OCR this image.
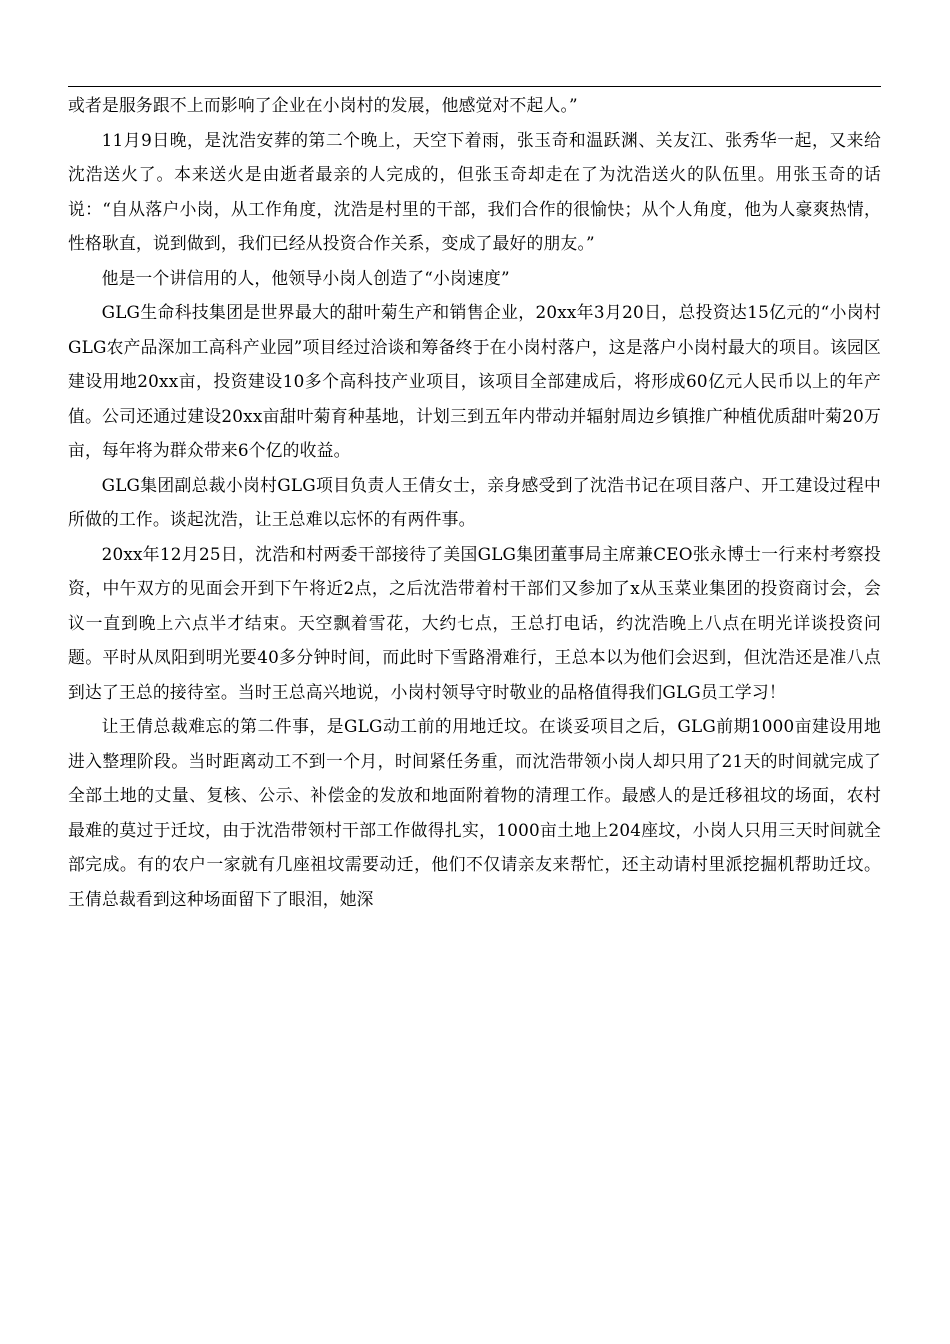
或者是服务跟不上而影响了企业在小岗村的发展，他感觉对不起人。”

11月9日晚，是沈浩安葬的第二个晚上，天空下着雨，张玉奇和温跃渊、关友江、张秀华一起，又来给沈浩送火了。本来送火是由逝者最亲的人完成的，但张玉奇却走在了为沈浩送火的队伍里。用张玉奇的话说：“自从落户小岗，从工作角度，沈浩是村里的干部，我们合作的很愉快；从个人角度，他为人豪爽热情，性格耿直，说到做到，我们已经从投资合作关系，变成了最好的朋友。”

他是一个讲信用的人，他领导小岗人创造了“小岗速度”

GLG生命科技集团是世界最大的甜叶菊生产和销售企业，20xx年3月20日，总投资达15亿元的“小岗村GLG农产品深加工高科产业园”项目经过洽谈和筹备终于在小岗村落户，这是落户小岗村最大的项目。该园区建设用地20xx亩，投资建设10多个高科技产业项目，该项目全部建成后，将形成60亿元人民币以上的年产值。公司还通过建设20xx亩甜叶菊育种基地，计划三到五年内带动并辐射周边乡镇推广种植优质甜叶菊20万亩，每年将为群众带来6个亿的收益。

GLG集团副总裁小岗村GLG项目负责人王倩女士，亲身感受到了沈浩书记在项目落户、开工建设过程中所做的工作。谈起沈浩，让王总难以忘怀的有两件事。

20xx年12月25日，沈浩和村两委干部接待了美国GLG集团董事局主席兼CEO张永博士一行来村考察投资，中午双方的见面会开到下午将近2点，之后沈浩带着村干部们又参加了x从玉菜业集团的投资商讨会，会议一直到晚上六点半才结束。天空飘着雪花，大约七点，王总打电话，约沈浩晚上八点在明光详谈投资问题。平时从凤阳到明光要40多分钟时间，而此时下雪路滑难行，王总本以为他们会迟到，但沈浩还是准八点到达了王总的接待室。当时王总高兴地说，小岗村领导守时敬业的品格值得我们GLG员工学习！

让王倩总裁难忘的第二件事，是GLG动工前的用地迁坟。在谈妥项目之后，GLG前期1000亩建设用地进入整理阶段。当时距离动工不到一个月，时间紧任务重，而沈浩带领小岗人却只用了21天的时间就完成了全部土地的丈量、复核、公示、补偿金的发放和地面附着物的清理工作。最感人的是迁移祖坟的场面，农村最难的莫过于迁坟，由于沈浩带领村干部工作做得扎实，1000亩土地上204座坟，小岗人只用三天时间就全部完成。有的农户一家就有几座祖坟需要动迁，他们不仅请亲友来帮忙，还主动请村里派挖掘机帮助迁坟。王倩总裁看到这种场面留下了眼泪，她深
